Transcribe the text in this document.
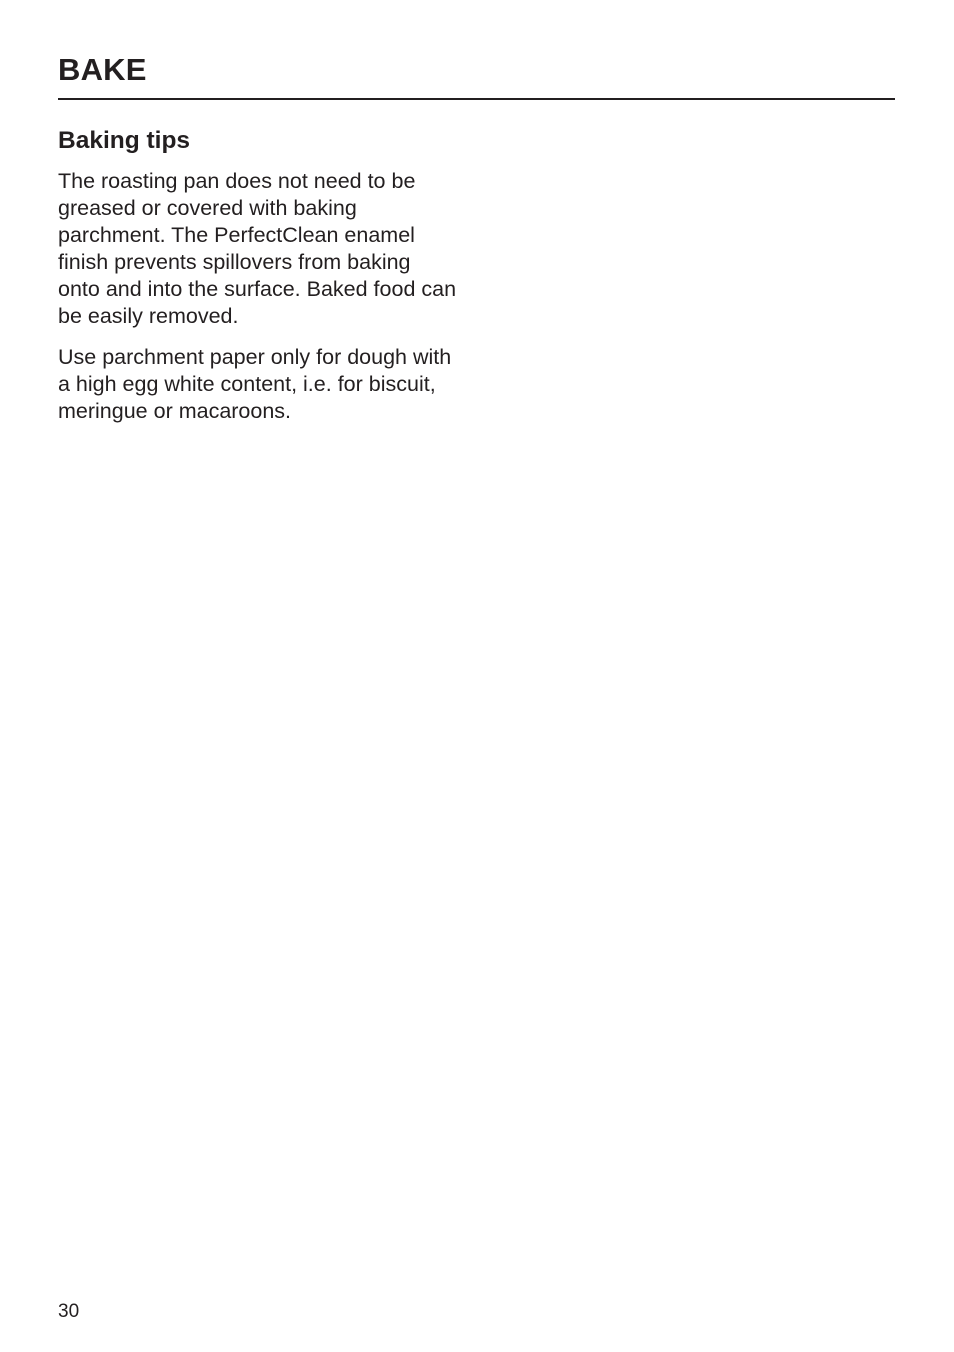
BAKE
Baking tips

The roasting pan does not need to be greased or covered with baking parchment. The PerfectClean enamel finish prevents spillovers from baking onto and into the surface. Baked food can be easily removed.

Use parchment paper only for dough with a high egg white content, i.e. for biscuit, meringue or macaroons.

30
